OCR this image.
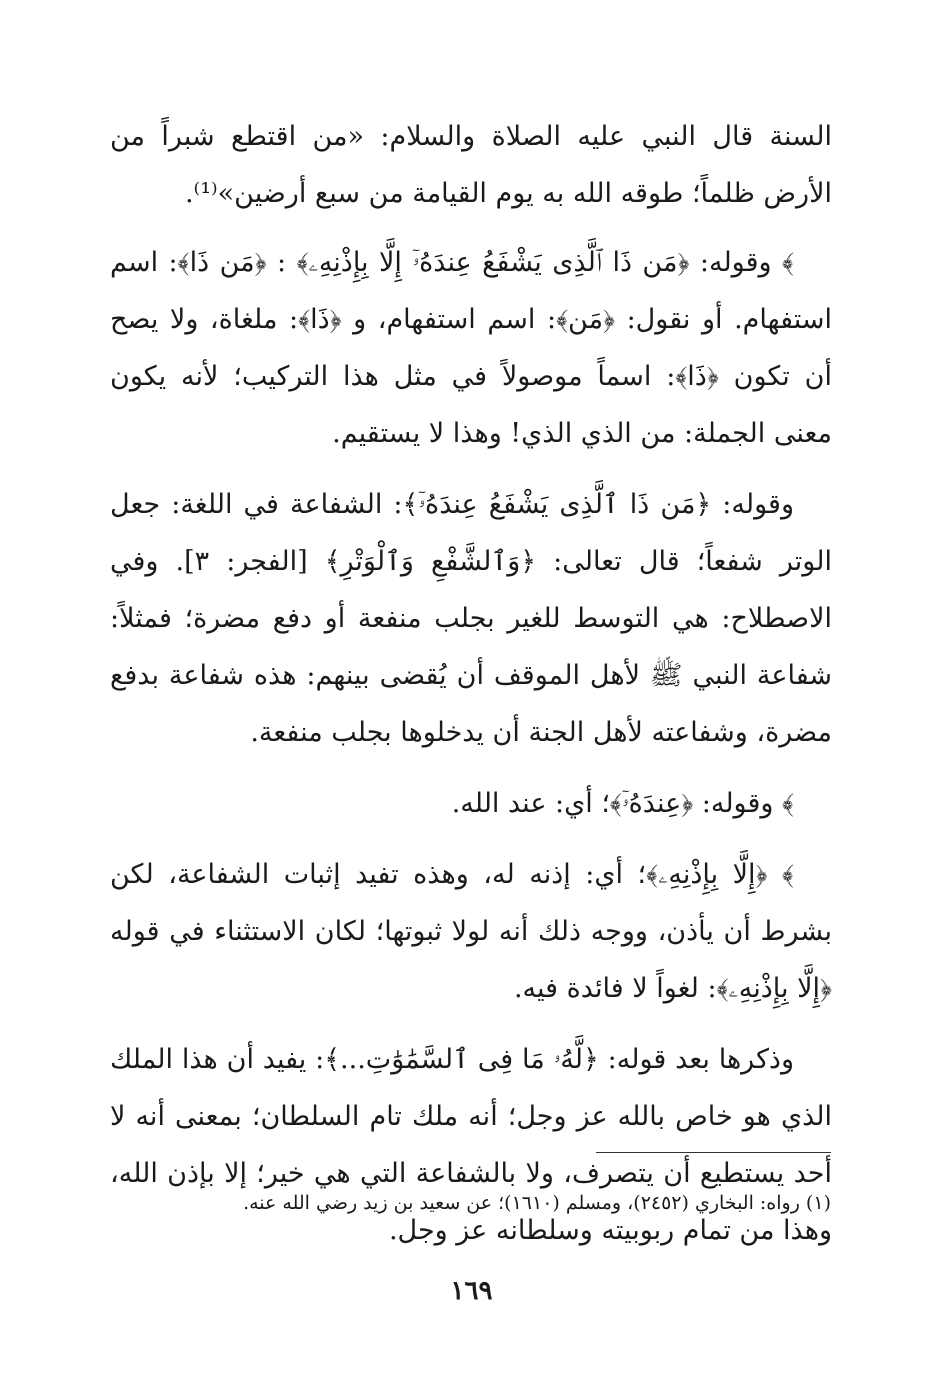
السنة قال النبي عليه الصلاة والسلام: «من اقتطع شبراً من الأرض ظلماً؛ طوقه الله به يوم القيامة من سبع أرضين»⁽¹⁾.

﴾ وقوله: ﴿مَن ذَا ٱلَّذِى يَشْفَعُ عِندَهُۥٓ إِلَّا بِإِذْنِهِۦ﴾ : ﴿مَن ذَا﴾: اسم استفهام. أو نقول: ﴿مَن﴾: اسم استفهام، و ﴿ذَا﴾: ملغاة، ولا يصح أن تكون ﴿ذَا﴾: اسماً موصولاً في مثل هذا التركيب؛ لأنه يكون معنى الجملة: من الذي الذي! وهذا لا يستقيم.

وقوله: ﴿مَن ذَا ٱلَّذِى يَشْفَعُ عِندَهُۥٓ﴾: الشفاعة في اللغة: جعل الوتر شفعاً؛ قال تعالى: ﴿وَٱلشَّفْعِ وَٱلْوَتْرِ﴾ [الفجر: ٣]. وفي الاصطلاح: هي التوسط للغير بجلب منفعة أو دفع مضرة؛ فمثلاً: شفاعة النبي ﷺ لأهل الموقف أن يُقضى بينهم: هذه شفاعة بدفع مضرة، وشفاعته لأهل الجنة أن يدخلوها بجلب منفعة.

﴾ وقوله: ﴿عِندَهُۥٓ﴾؛ أي: عند الله.

﴾ ﴿إِلَّا بِإِذْنِهِۦ﴾؛ أي: إذنه له، وهذه تفيد إثبات الشفاعة، لكن بشرط أن يأذن، ووجه ذلك أنه لولا ثبوتها؛ لكان الاستثناء في قوله ﴿إِلَّا بِإِذْنِهِۦ﴾: لغواً لا فائدة فيه.

وذكرها بعد قوله: ﴿لَّهُۥ مَا فِى ٱلسَّمَٰوَٰتِ...﴾: يفيد أن هذا الملك الذي هو خاص بالله عز وجل؛ أنه ملك تام السلطان؛ بمعنى أنه لا أحد يستطيع أن يتصرف، ولا بالشفاعة التي هي خير؛ إلا بإذن الله، وهذا من تمام ربوبيته وسلطانه عز وجل.

(١) رواه: البخاري (٢٤٥٢)، ومسلم (١٦١٠)؛ عن سعيد بن زيد رضي الله عنه.
١٦٩
